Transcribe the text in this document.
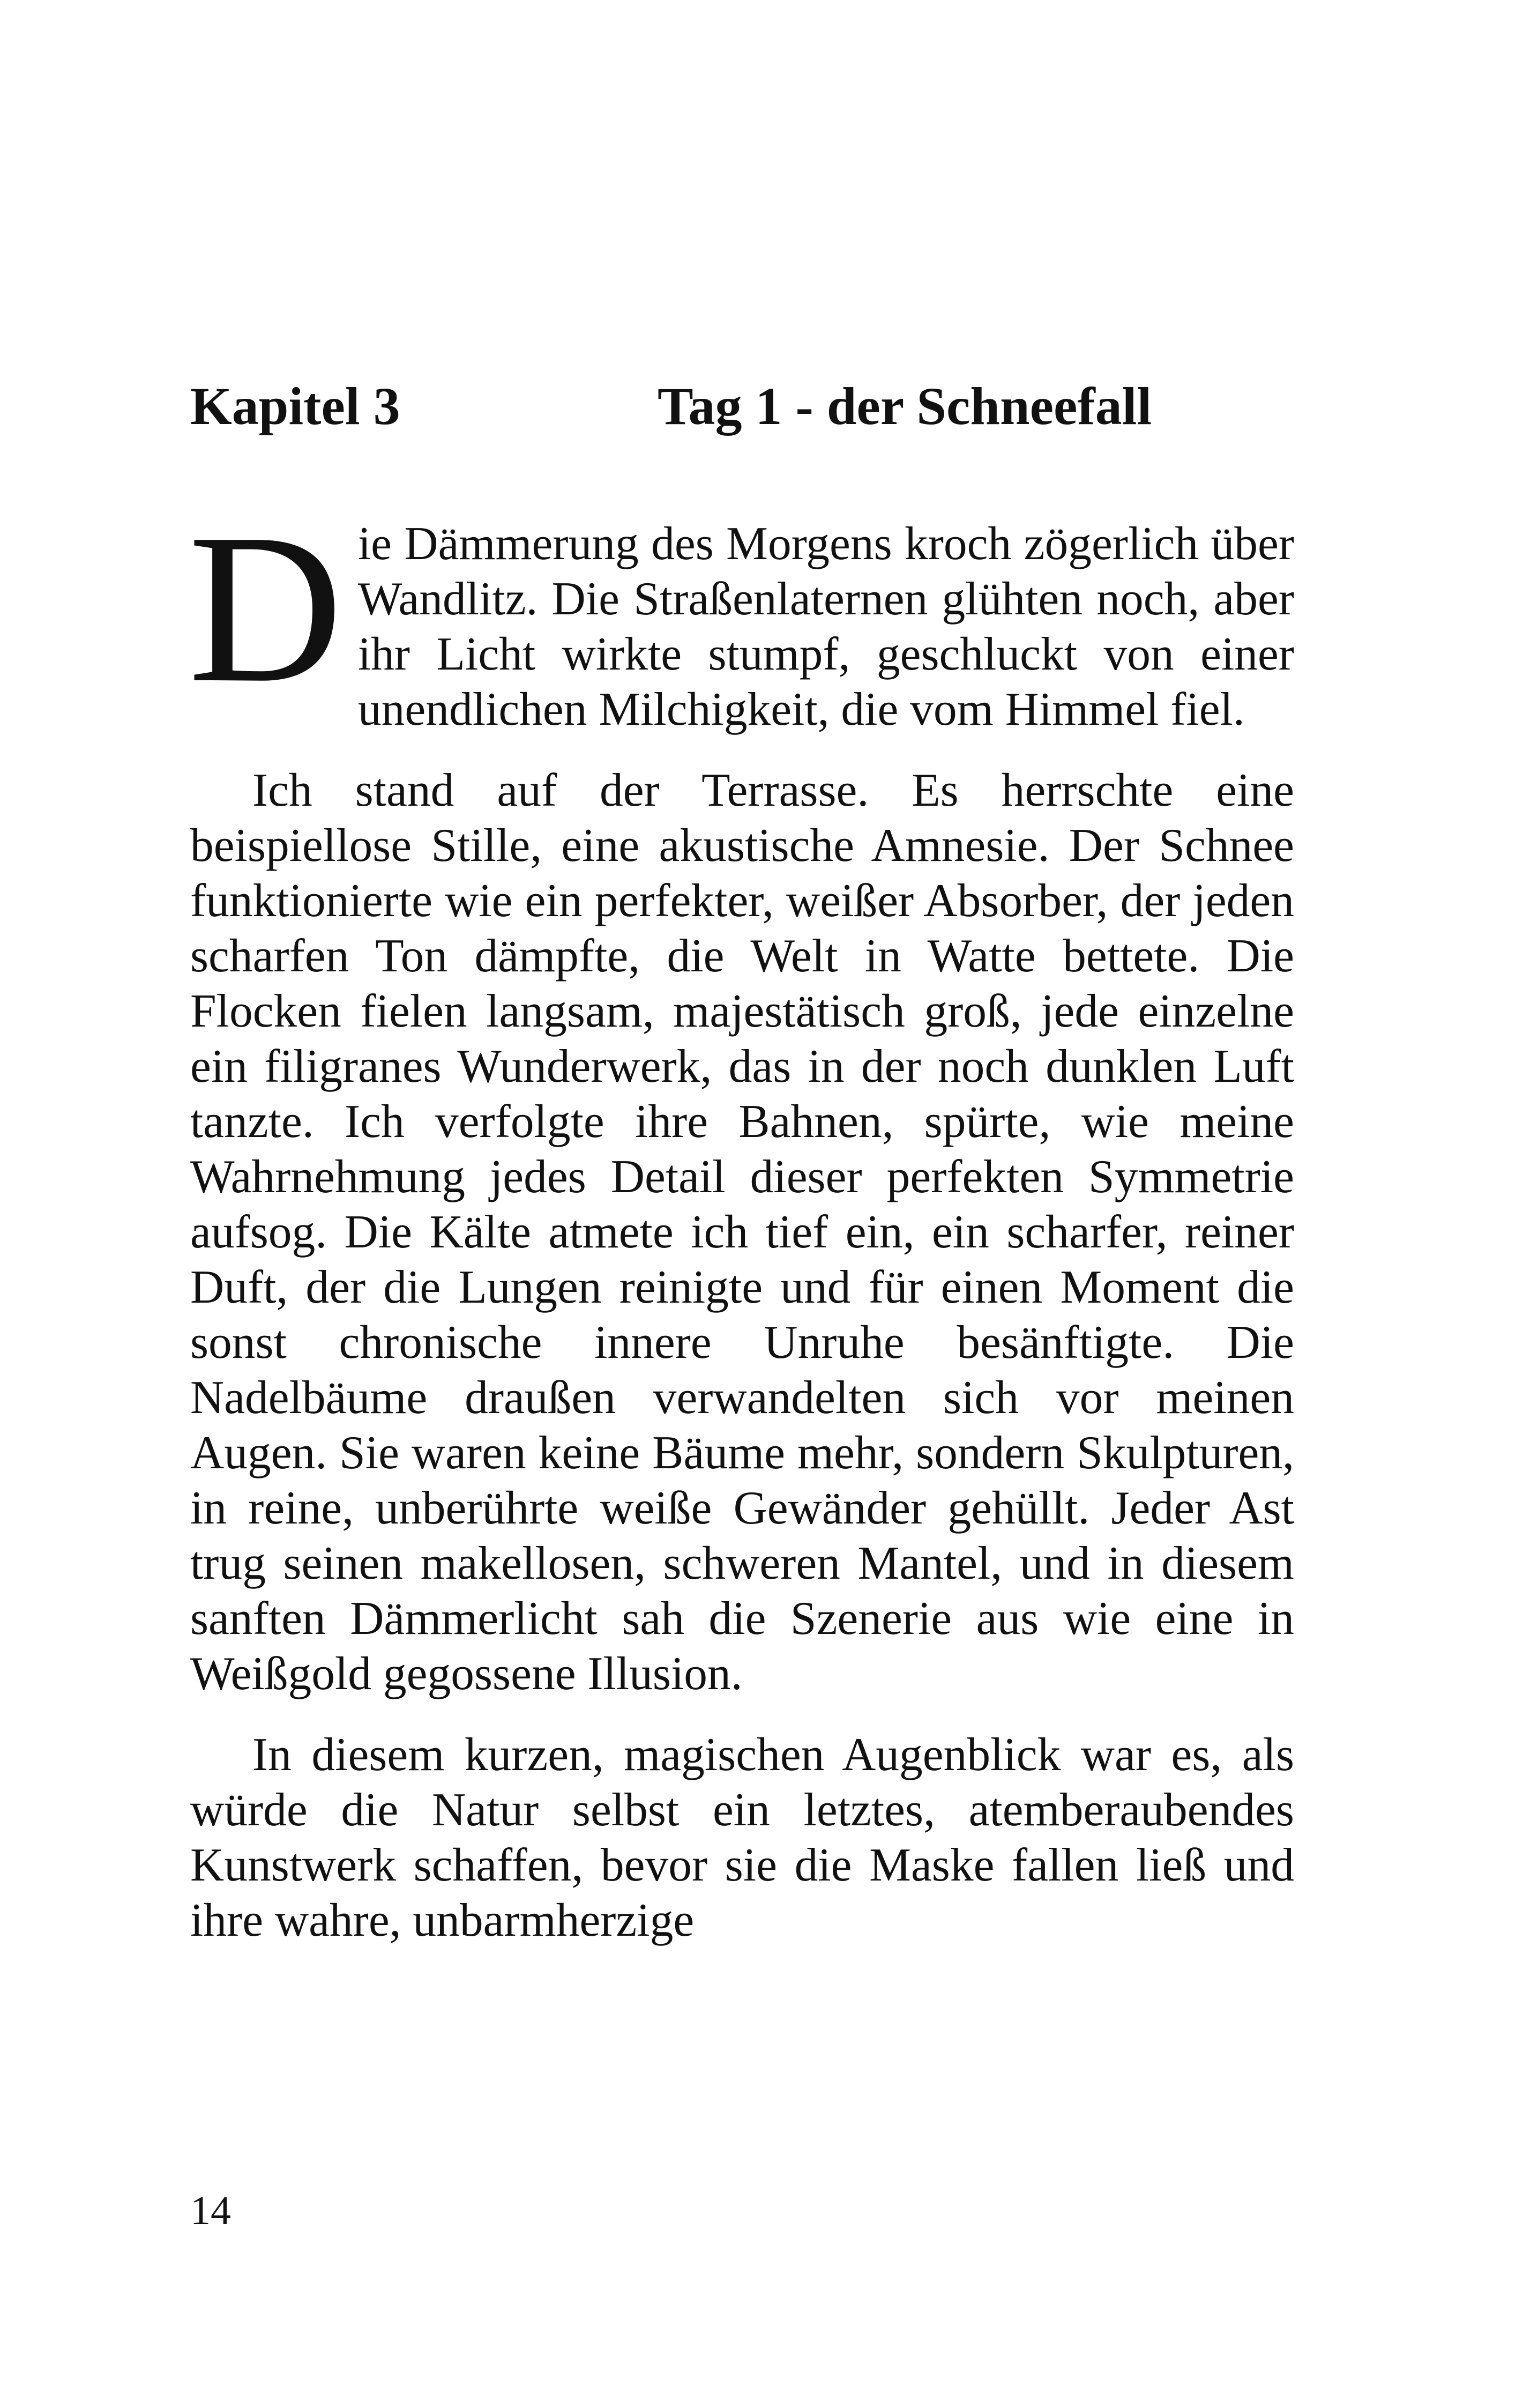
Kapitel 3	Tag 1 - der Schneefall

Die Dämmerung des Morgens kroch zögerlich über Wandlitz. Die Straßenlaternen glühten noch, aber ihr Licht wirkte stumpf, geschluckt von einer unendlichen Milchigkeit, die vom Himmel fiel.

Ich stand auf der Terrasse. Es herrschte eine beispiellose Stille, eine akustische Amnesie. Der Schnee funktionierte wie ein perfekter, weißer Absorber, der jeden scharfen Ton dämpfte, die Welt in Watte bettete. Die Flocken fielen langsam, majestätisch groß, jede einzelne ein filigranes Wunderwerk, das in der noch dunklen Luft tanzte. Ich verfolgte ihre Bahnen, spürte, wie meine Wahrnehmung jedes Detail dieser perfekten Symmetrie aufsog. Die Kälte atmete ich tief ein, ein scharfer, reiner Duft, der die Lungen reinigte und für einen Moment die sonst chronische innere Unruhe besänftigte. Die Nadelbäume draußen verwandelten sich vor meinen Augen. Sie waren keine Bäume mehr, sondern Skulpturen, in reine, unberührte weiße Gewänder gehüllt. Jeder Ast trug seinen makellosen, schweren Mantel, und in diesem sanften Dämmerlicht sah die Szenerie aus wie eine in Weißgold gegossene Illusion.

In diesem kurzen, magischen Augenblick war es, als würde die Natur selbst ein letztes, atemberaubendes Kunstwerk schaffen, bevor sie die Maske fallen ließ und ihre wahre, unbarmherzige

14
